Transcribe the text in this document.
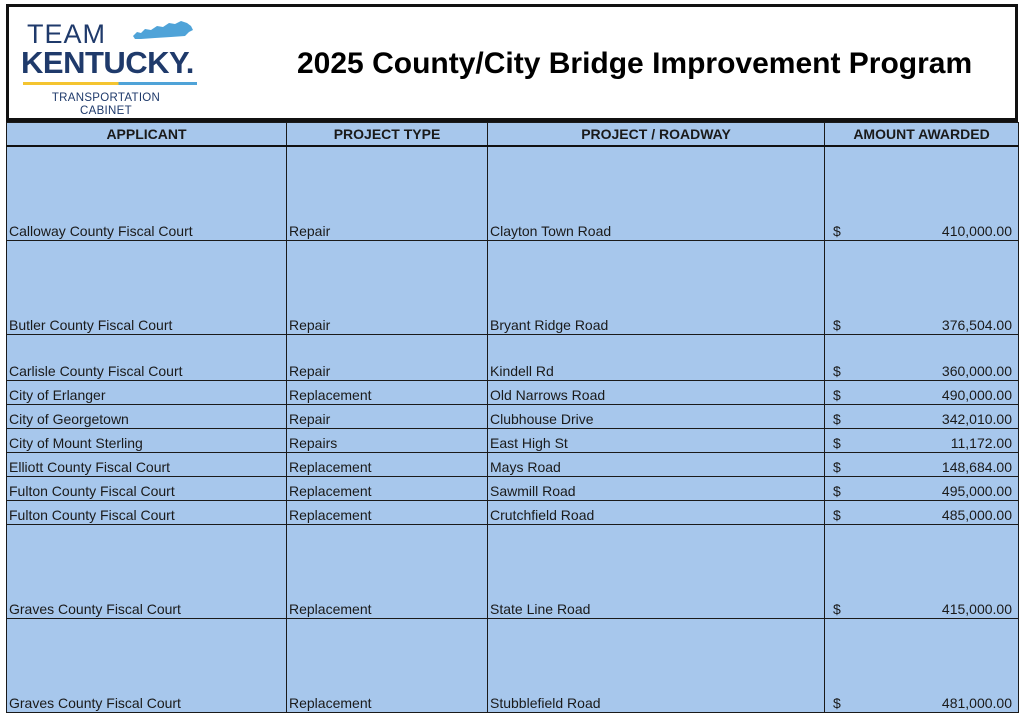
TEAM
KENTUCKY.
TRANSPORTATION
CABINET
2025 County/City Bridge Improvement Program
APPLICANT	PROJECT TYPE	PROJECT / ROADWAY	AMOUNT AWARDED
Calloway County Fiscal Court	Repair	Clayton Town Road	$ 410,000.00

Butler County Fiscal Court	Repair	Bryant Ridge Road	$ 376,504.00

Carlisle County Fiscal Court	Repair	Kindell Rd	$ 360,000.00

City of Erlanger	Replacement	Old Narrows Road	$ 490,000.00

City of Georgetown	Repair	Clubhouse Drive	$ 342,010.00

City of Mount Sterling	Repairs	East High St	$ 11,172.00

Elliott County Fiscal Court	Replacement	Mays Road	$ 148,684.00

Fulton County Fiscal Court	Replacement	Sawmill Road	$ 495,000.00

Fulton County Fiscal Court	Replacement	Crutchfield Road	$ 485,000.00

Graves County Fiscal Court	Replacement	State Line Road	$ 415,000.00

Graves County Fiscal Court	Replacement	Stubblefield Road	$ 481,000.00
